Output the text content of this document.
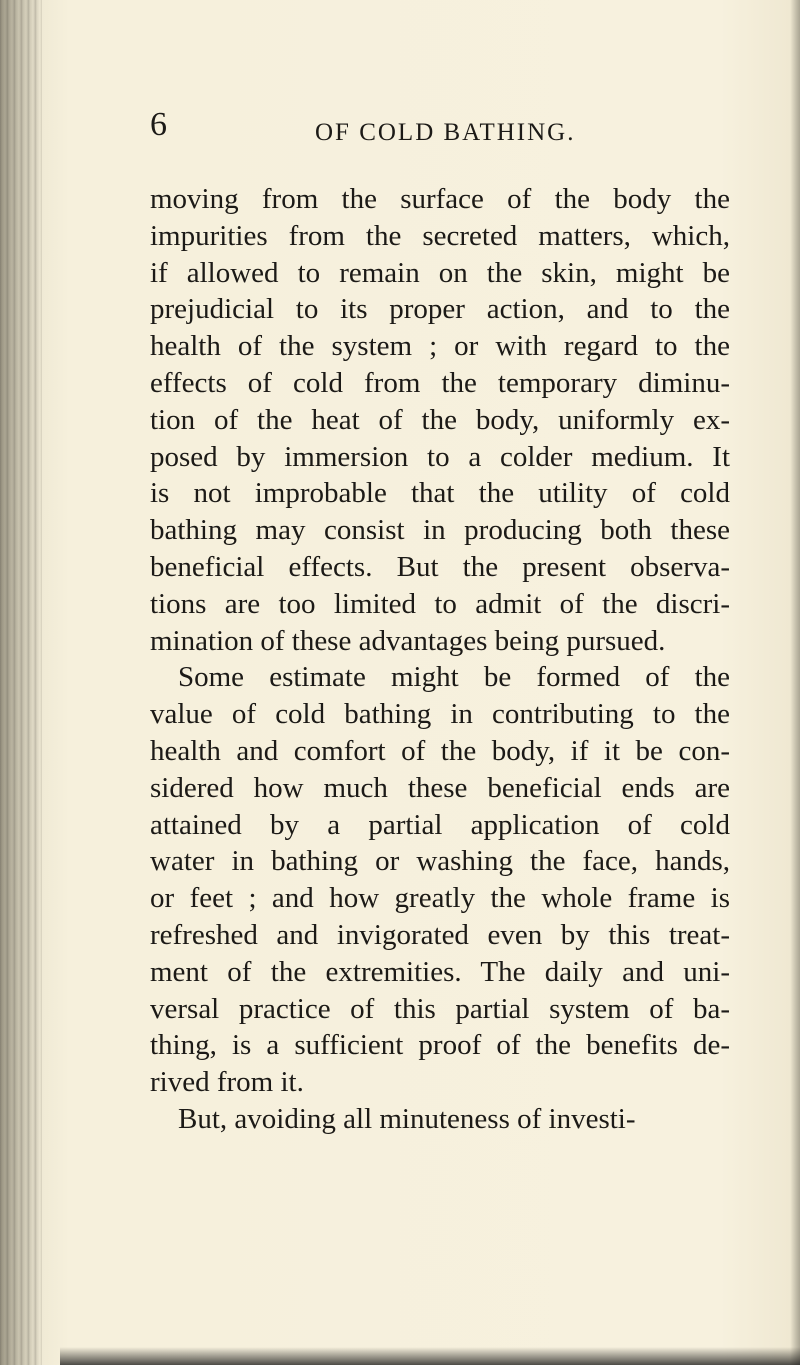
6	OF COLD BATHING.
moving from the surface of the body the
impurities from the secreted matters, which,
if allowed to remain on the skin, might be
prejudicial to its proper action, and to the
health of the system ; or with regard to the
effects of cold from the temporary diminu-
tion of the heat of the body, uniformly ex-
posed by immersion to a colder medium. It
is not improbable that the utility of cold
bathing may consist in producing both these
beneficial effects. But the present observa-
tions are too limited to admit of the discri-
mination of these advantages being pursued.
Some estimate might be formed of the
value of cold bathing in contributing to the
health and comfort of the body, if it be con-
sidered how much these beneficial ends are
attained by a partial application of cold
water in bathing or washing the face, hands,
or feet ; and how greatly the whole frame is
refreshed and invigorated even by this treat-
ment of the extremities. The daily and uni-
versal practice of this partial system of ba-
thing, is a sufficient proof of the benefits de-
rived from it.
But, avoiding all minuteness of investi-
